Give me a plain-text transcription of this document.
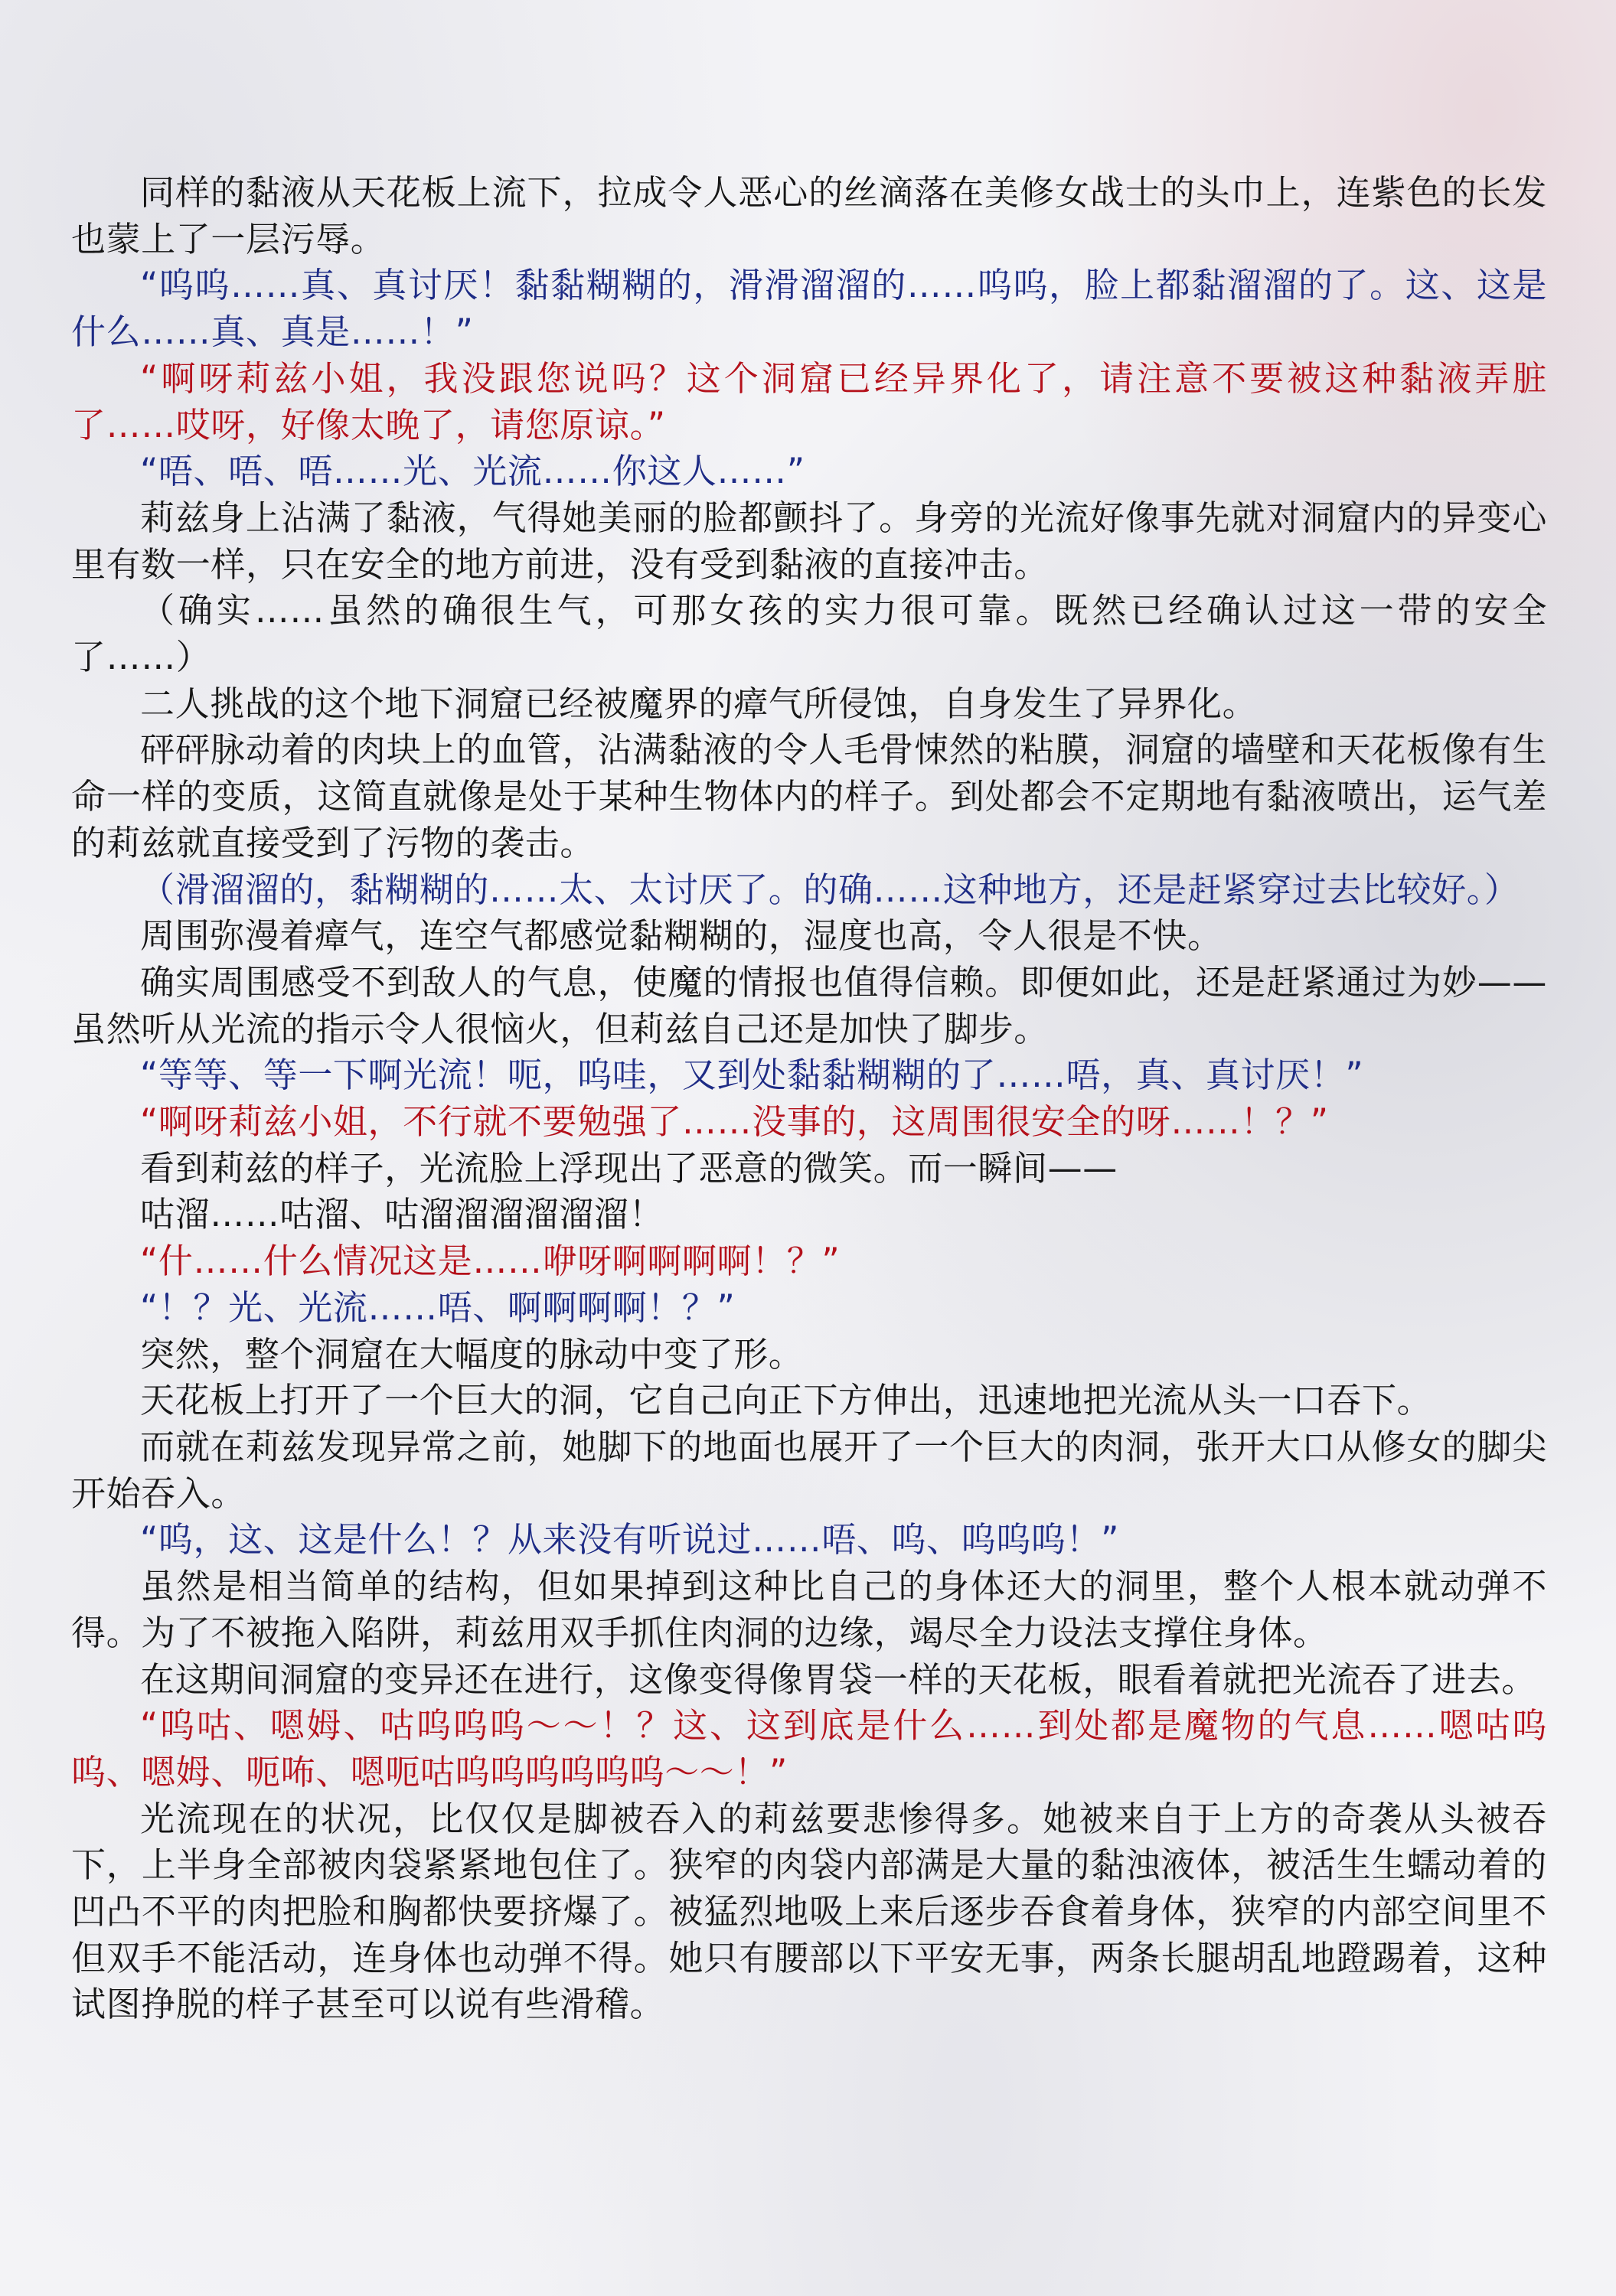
同样的黏液从天花板上流下，拉成令人恶心的丝滴落在美修女战士的头巾上，连紫色的长发也蒙上了一层污辱。

“呜呜……真、真讨厌！黏黏糊糊的，滑滑溜溜的……呜呜，脸上都黏溜溜的了。这、这是什么……真、真是……！”

“啊呀莉兹小姐，我没跟您说吗？这个洞窟已经异界化了，请注意不要被这种黏液弄脏了……哎呀，好像太晚了，请您原谅。”

“唔、唔、唔……光、光流……你这人……”

莉兹身上沾满了黏液，气得她美丽的脸都颤抖了。身旁的光流好像事先就对洞窟内的异变心里有数一样，只在安全的地方前进，没有受到黏液的直接冲击。

（确实……虽然的确很生气，可那女孩的实力很可靠。既然已经确认过这一带的安全了……）

二人挑战的这个地下洞窟已经被魔界的瘴气所侵蚀，自身发生了异界化。

砰砰脉动着的肉块上的血管，沾满黏液的令人毛骨悚然的粘膜，洞窟的墙壁和天花板像有生命一样的变质，这简直就像是处于某种生物体内的样子。到处都会不定期地有黏液喷出，运气差的莉兹就直接受到了污物的袭击。

（滑溜溜的，黏糊糊的……太、太讨厌了。的确……这种地方，还是赶紧穿过去比较好。）

周围弥漫着瘴气，连空气都感觉黏糊糊的，湿度也高，令人很是不快。

确实周围感受不到敌人的气息，使魔的情报也值得信赖。即便如此，还是赶紧通过为妙——虽然听从光流的指示令人很恼火，但莉兹自己还是加快了脚步。

“等等、等一下啊光流！呃，呜哇，又到处黏黏糊糊的了……唔，真、真讨厌！”

“啊呀莉兹小姐，不行就不要勉强了……没事的，这周围很安全的呀……！？”

看到莉兹的样子，光流脸上浮现出了恶意的微笑。而一瞬间——

咕溜……咕溜、咕溜溜溜溜溜溜！

“什……什么情况这是……咿呀啊啊啊啊！？”

“！？光、光流……唔、啊啊啊啊！？”

突然，整个洞窟在大幅度的脉动中变了形。

天花板上打开了一个巨大的洞，它自己向正下方伸出，迅速地把光流从头一口吞下。

而就在莉兹发现异常之前，她脚下的地面也展开了一个巨大的肉洞，张开大口从修女的脚尖开始吞入。

“呜，这、这是什么！？从来没有听说过……唔、呜、呜呜呜！”

虽然是相当简单的结构，但如果掉到这种比自己的身体还大的洞里，整个人根本就动弹不得。为了不被拖入陷阱，莉兹用双手抓住肉洞的边缘，竭尽全力设法支撑住身体。

在这期间洞窟的变异还在进行，这像变得像胃袋一样的天花板，眼看着就把光流吞了进去。

“呜咕、嗯姆、咕呜呜呜～～！？这、这到底是什么……到处都是魔物的气息……嗯咕呜呜、嗯姆、呃咘、嗯呃咕呜呜呜呜呜呜～～！”

光流现在的状况，比仅仅是脚被吞入的莉兹要悲惨得多。她被来自于上方的奇袭从头被吞下，上半身全部被肉袋紧紧地包住了。狭窄的肉袋内部满是大量的黏浊液体，被活生生蠕动着的凹凸不平的肉把脸和胸都快要挤爆了。被猛烈地吸上来后逐步吞食着身体，狭窄的内部空间里不但双手不能活动，连身体也动弹不得。她只有腰部以下平安无事，两条长腿胡乱地蹬踢着，这种试图挣脱的样子甚至可以说有些滑稽。
